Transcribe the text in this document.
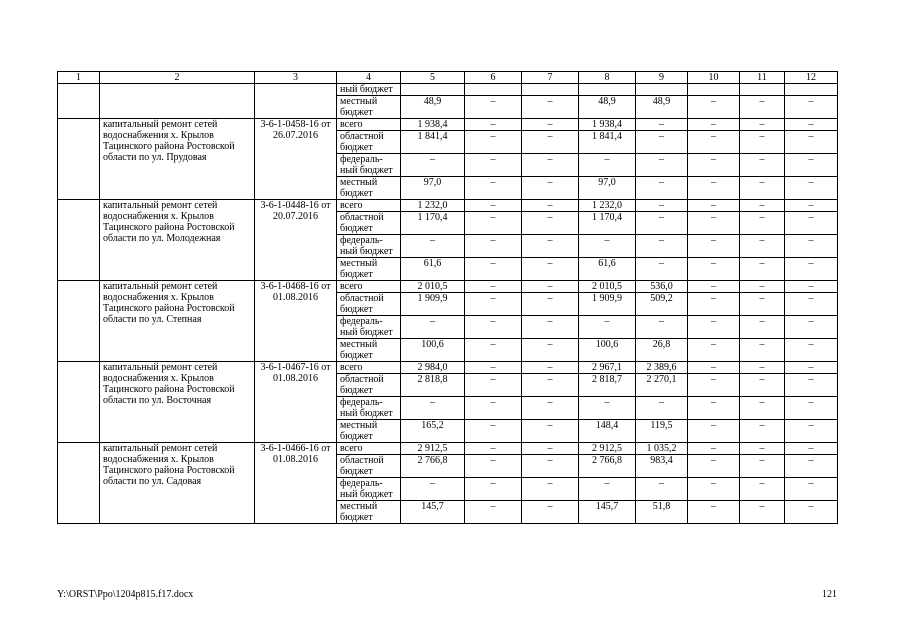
1	2	3	4	5	6	7	8	9	10	11	12
			ный бюджет								
			местный бюджет	48,9	–	–	48,9	48,9	–	–	–
	капитальный ремонт сетей водоснабжения х. Крылов Тацинского района Ростовской области по ул. Прудовая	3-6-1-0458-16 от 26.07.2016	всего	1 938,4	–	–	1 938,4	–	–	–	–
			областной бюджет	1 841,4	–	–	1 841,4	–	–	–	–
			федераль-ный бюджет	–	–	–	–	–	–	–	–
			местный бюджет	97,0	–	–	97,0	–	–	–	–
	капитальный ремонт сетей водоснабжения х. Крылов Тацинского района Ростовской области по ул. Молодежная	3-6-1-0448-16 от 20.07.2016	всего	1 232,0	–	–	1 232,0	–	–	–	–
			областной бюджет	1 170,4	–	–	1 170,4	–	–	–	–
			федераль-ный бюджет	–	–	–	–	–	–	–	–
			местный бюджет	61,6	–	–	61,6	–	–	–	–
	капитальный ремонт сетей водоснабжения х. Крылов Тацинского района Ростовской области по ул. Степная	3-6-1-0468-16 от 01.08.2016	всего	2 010,5	–	–	2 010,5	536,0	–	–	–
			областной бюджет	1 909,9	–	–	1 909,9	509,2	–	–	–
			федераль-ный бюджет	–	–	–	–	–	–	–	–
			местный бюджет	100,6	–	–	100,6	26,8	–	–	–
	капитальный ремонт сетей водоснабжения х. Крылов Тацинского района Ростовской области по ул. Восточная	3-6-1-0467-16 от 01.08.2016	всего	2 984,0	–	–	2 967,1	2 389,6	–	–	–
			областной бюджет	2 818,8	–	–	2 818,7	2 270,1	–	–	–
			федераль-ный бюджет	–	–	–	–	–	–	–	–
			местный бюджет	165,2	–	–	148,4	119,5	–	–	–
	капитальный ремонт сетей водоснабжения х. Крылов Тацинского района Ростовской области по ул. Садовая	3-6-1-0466-16 от 01.08.2016	всего	2 912,5	–	–	2 912,5	1 035,2	–	–	–
			областной бюджет	2 766,8	–	–	2 766,8	983,4	–	–	–
			федераль-ный бюджет	–	–	–	–	–	–	–	–
			местный бюджет	145,7	–	–	145,7	51,8	–	–	–
Y:\ORST\Ppo\1204p815.f17.docx	121
